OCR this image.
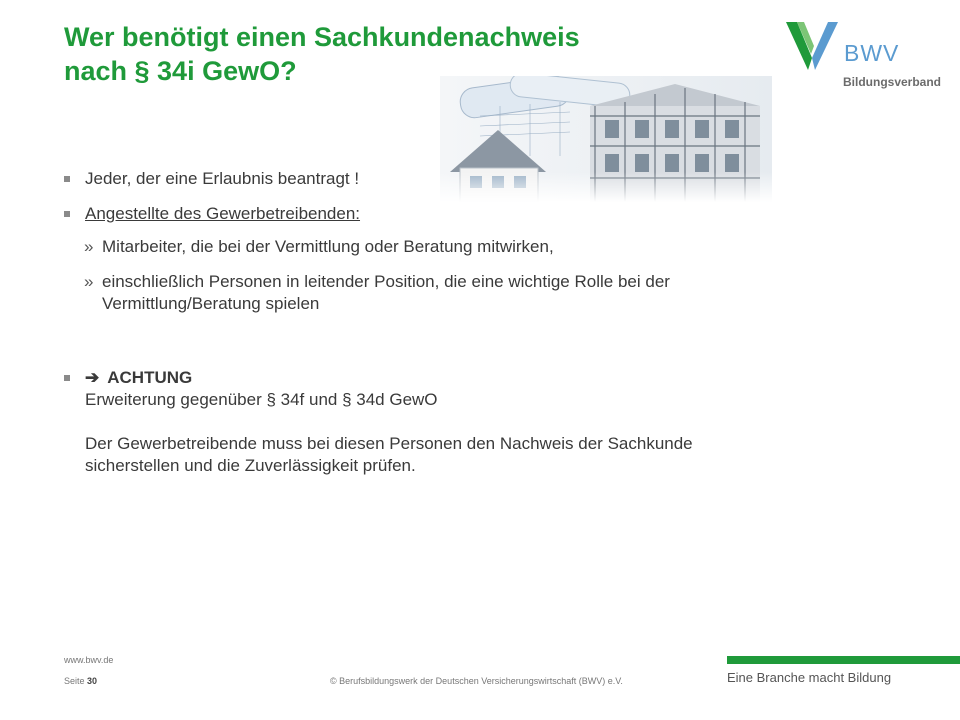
Wer benötigt einen Sachkundenachweis
nach § 34i GewO?
BWV
Bildungsverband
Jeder, der eine Erlaubnis beantragt !
Angestellte des Gewerbetreibenden:
» Mitarbeiter, die bei der Vermittlung oder Beratung mitwirken,
» einschließlich Personen in leitender Position, die eine wichtige Rolle bei der
Vermittlung/Beratung spielen
➔ ACHTUNG
Erweiterung gegenüber § 34f und § 34d GewO
Der Gewerbetreibende muss bei diesen Personen den Nachweis der Sachkunde
sicherstellen und die Zuverlässigkeit prüfen.
www.bwv.de
Seite 30	© Berufsbildungswerk der Deutschen Versicherungswirtschaft (BWV) e.V.	Eine Branche macht Bildung
